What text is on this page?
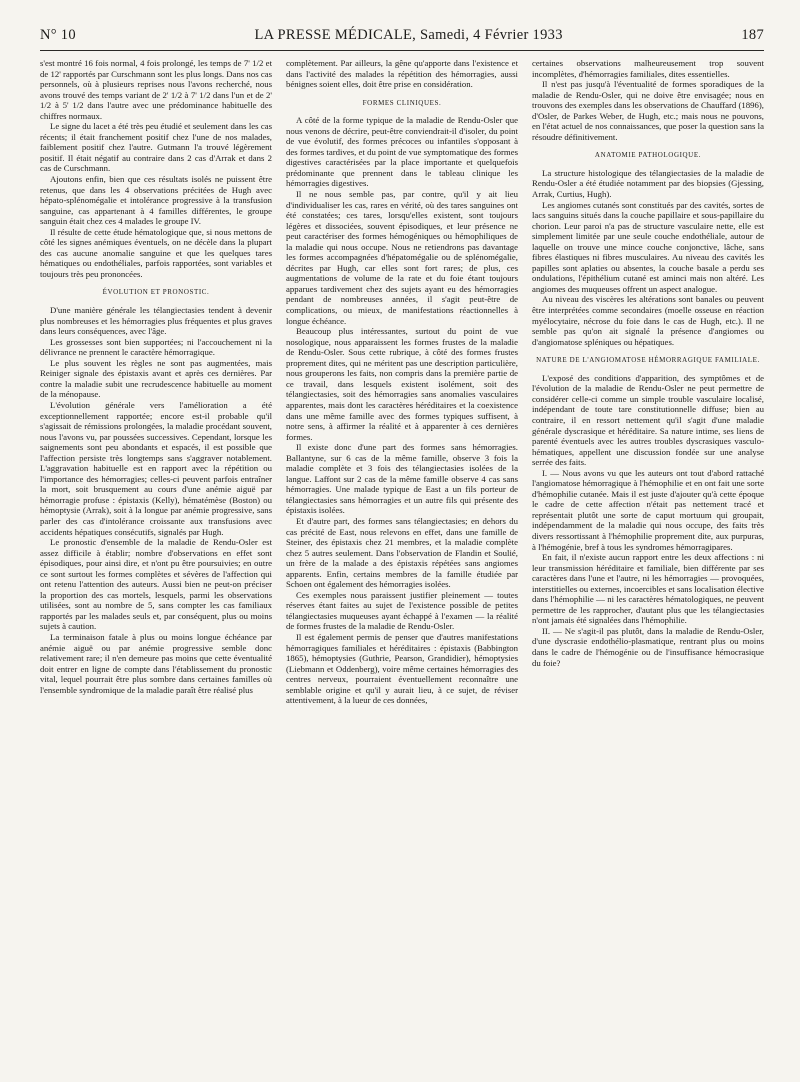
N° 10	LA PRESSE MÉDICALE, Samedi, 4 Février 1933	187

s'est montré 16 fois normal, 4 fois prolongé, les temps de 7' 1/2 et de 12' rapportés par Curschmann sont les plus longs. Dans nos cas personnels, où à plusieurs reprises nous l'avons recherché, nous avons trouvé des temps variant de 2' 1/2 à 7' 1/2 dans l'un et de 2' 1/2 à 5' 1/2 dans l'autre avec une prédominance habituelle des chiffres normaux.

Le signe du lacet a été très peu étudié et seulement dans les cas récents; il était franchement positif chez l'une de nos malades, faiblement positif chez l'autre. Gutmann l'a trouvé légèrement positif. Il était négatif au contraire dans 2 cas d'Arrak et dans 2 cas de Curschmann.

Ajoutons enfin, bien que ces résultats isolés ne puissent être retenus, que dans les 4 observations précitées de Hugh avec hépato-splénomégalie et intolérance progressive à la transfusion sanguine, cas appartenant à 4 familles différentes, le groupe sanguin était chez ces 4 malades le groupe IV.

Il résulte de cette étude hématologique que, si nous mettons de côté les signes anémiques éventuels, on ne décèle dans la plupart des cas aucune anomalie sanguine et que les quelques tares hématiques ou endothéliales, parfois rapportées, sont variables et toujours très peu prononcées.

ÉVOLUTION ET PRONOSTIC.

D'une manière générale les télangiectasies tendent à devenir plus nombreuses et les hémorragies plus fréquentes et plus graves dans leurs conséquences, avec l'âge.

Les grossesses sont bien supportées; ni l'accouchement ni la délivrance ne prennent le caractère hémorragique.

Le plus souvent les règles ne sont pas augmentées, mais Reiniger signale des épistaxis avant et après ces dernières. Par contre la maladie subit une recrudescence habituelle au moment de la ménopause.

L'évolution générale vers l'amélioration a été exceptionnellement rapportée; encore est-il probable qu'il s'agissait de rémissions prolongées, la maladie procédant souvent, nous l'avons vu, par poussées successives. Cependant, lorsque les saignements sont peu abondants et espacés, il est possible que l'affection persiste très longtemps sans s'aggraver notablement. L'aggravation habituelle est en rapport avec la répétition ou l'importance des hémorragies; celles-ci peuvent parfois entraîner la mort, soit brusquement au cours d'une anémie aiguë par hémorragie profuse : épistaxis (Kelly), hématémèse (Boston) ou hémoptysie (Arrak), soit à la longue par anémie progressive, sans parler des cas d'intolérance croissante aux transfusions avec accidents hépatiques consécutifs, signalés par Hugh.

Le pronostic d'ensemble de la maladie de Rendu-Osler est assez difficile à établir; nombre d'observations en effet sont épisodiques, pour ainsi dire, et n'ont pu être poursuivies; en outre ce sont surtout les formes complètes et sévères de l'affection qui ont retenu l'attention des auteurs. Aussi bien ne peut-on préciser la proportion des cas mortels, lesquels, parmi les observations utilisées, sont au nombre de 5, sans compter les cas familiaux rapportés par les malades seuls et, par conséquent, plus ou moins sujets à caution.

La terminaison fatale à plus ou moins longue échéance par anémie aiguë ou par anémie progressive semble donc relativement rare; il n'en demeure pas moins que cette éventualité doit entrer en ligne de compte dans l'établissement du pronostic vital, lequel pourrait être plus sombre dans certaines familles où l'ensemble syndromique de la maladie paraît être réalisé plus

complètement. Par ailleurs, la gêne qu'apporte dans l'existence et dans l'activité des malades la répétition des hémorragies, aussi bénignes soient elles, doit être prise en considération.

FORMES CLINIQUES.

A côté de la forme typique de la maladie de Rendu-Osler que nous venons de décrire, peut-être conviendrait-il d'isoler, du point de vue évolutif, des formes précoces ou infantiles s'opposant à des formes tardives, et du point de vue symptomatique des formes digestives caractérisées par la place importante et quelquefois prédominante que prennent dans le tableau clinique les hémorragies digestives.

Il ne nous semble pas, par contre, qu'il y ait lieu d'individualiser les cas, rares en vérité, où des tares sanguines ont été constatées; ces tares, lorsqu'elles existent, sont toujours légères et dissociées, souvent épisodiques, et leur présence ne peut caractériser des formes hémogéniques ou hémophiliques de la maladie qui nous occupe. Nous ne retiendrons pas davantage les formes accompagnées d'hépatomégalie ou de splénomégalie, décrites par Hugh, car elles sont fort rares; de plus, ces augmentations de volume de la rate et du foie étant toujours apparues tardivement chez des sujets ayant eu des hémorragies pendant de nombreuses années, il s'agit peut-être de complications, ou mieux, de manifestations réactionnelles à longue échéance.

Beaucoup plus intéressantes, surtout du point de vue nosologique, nous apparaissent les formes frustes de la maladie de Rendu-Osler. Sous cette rubrique, à côté des formes frustes proprement dites, qui ne méritent pas une description particulière, nous grouperons les faits, non compris dans la première partie de ce travail, dans lesquels existent isolément, soit des télangiectasies, soit des hémorragies sans anomalies vasculaires apparentes, mais dont les caractères héréditaires et la coexistence dans une même famille avec des formes typiques suffisent, à notre sens, à affirmer la réalité et à apparenter à ces dernières formes.

Il existe donc d'une part des formes sans hémorragies. Ballantyne, sur 6 cas de la même famille, observe 3 fois la maladie complète et 3 fois des télangiectasies isolées de la langue. Laffont sur 2 cas de la même famille observe 4 cas sans hémorragies. Une malade typique de East a un fils porteur de télangiectasies sans hémorragies et un autre fils qui présente des épistaxis isolées.

Et d'autre part, des formes sans télangiectasies; en dehors du cas précité de East, nous relevons en effet, dans une famille de Steiner, des épistaxis chez 21 membres, et la maladie complète chez 5 autres seulement. Dans l'observation de Flandin et Soulié, un frère de la malade a des épistaxis répétées sans angiomes apparents. Enfin, certains membres de la famille étudiée par Schoen ont également des hémorragies isolées.

Ces exemples nous paraissent justifier pleinement — toutes réserves étant faites au sujet de l'existence possible de petites télangiectasies muqueuses ayant échappé à l'examen — la réalité de formes frustes de la maladie de Rendu-Osler.

Il est également permis de penser que d'autres manifestations hémorragiques familiales et héréditaires : épistaxis (Babbington 1865), hémoptysies (Guthrie, Pearson, Grandidier), hémoptysies (Liebmann et Oddenberg), voire même certaines hémorragies des centres nerveux, pourraient éventuellement reconnaître une semblable origine et qu'il y aurait lieu, à ce sujet, de réviser attentivement, à la lueur de ces données,

certaines observations malheureusement trop souvent incomplètes, d'hémorragies familiales, dites essentielles.

Il n'est pas jusqu'à l'éventualité de formes sporadiques de la maladie de Rendu-Osler, qui ne doive être envisagée; nous en trouvons des exemples dans les observations de Chauffard (1896), d'Osler, de Parkes Weber, de Hugh, etc.; mais nous ne pouvons, en l'état actuel de nos connaissances, que poser la question sans la résoudre définitivement.

ANATOMIE PATHOLOGIQUE.

La structure histologique des télangiectasies de la maladie de Rendu-Osler a été étudiée notamment par des biopsies (Gjessing, Arrak, Curtius, Hugh).

Les angiomes cutanés sont constitués par des cavités, sortes de lacs sanguins situés dans la couche papillaire et sous-papillaire du chorion. Leur paroi n'a pas de structure vasculaire nette, elle est simplement limitée par une seule couche endothéliale, autour de laquelle on trouve une mince couche conjonctive, lâche, sans fibres élastiques ni fibres musculaires. Au niveau des cavités les papilles sont aplaties ou absentes, la couche basale a perdu ses ondulations, l'épithélium cutané est aminci mais non altéré. Les angiomes des muqueuses offrent un aspect analogue.

Au niveau des viscères les altérations sont banales ou peuvent être interprétées comme secondaires (moelle osseuse en réaction myélocytaire, nécrose du foie dans le cas de Hugh, etc.). Il ne semble pas qu'on ait signalé la présence d'angiomes ou d'angiomatose spléniques ou hépatiques.

NATURE DE L'ANGIOMATOSE HÉMORRAGIQUE FAMILIALE.

L'exposé des conditions d'apparition, des symptômes et de l'évolution de la maladie de Rendu-Osler ne peut permettre de considérer celle-ci comme un simple trouble vasculaire localisé, indépendant de toute tare constitutionnelle diffuse; bien au contraire, il en ressort nettement qu'il s'agit d'une maladie générale dyscrasique et héréditaire. Sa nature intime, ses liens de parenté éventuels avec les autres troubles dyscrasiques vasculo-hématiques, appellent une discussion fondée sur une analyse serrée des faits.

I. — Nous avons vu que les auteurs ont tout d'abord rattaché l'angiomatose hémorragique à l'hémophilie et en ont fait une sorte d'hémophilie cutanée. Mais il est juste d'ajouter qu'à cette époque le cadre de cette affection n'était pas nettement tracé et représentait plutôt une sorte de caput mortuum qui groupait, indépendamment de la maladie qui nous occupe, des faits très divers ressortissant à l'hémophilie proprement dite, aux purpuras, à l'hémogénie, bref à tous les syndromes hémorragipares.

En fait, il n'existe aucun rapport entre les deux affections : ni leur transmission héréditaire et familiale, bien différente par ses caractères dans l'une et l'autre, ni les hémorragies — provoquées, interstitielles ou externes, incoercibles et sans localisation élective dans l'hémophilie — ni les caractères hématologiques, ne peuvent permettre de les rapprocher, d'autant plus que les télangiectasies n'ont jamais été signalées dans l'hémophilie.

II. — Ne s'agit-il pas plutôt, dans la maladie de Rendu-Osler, d'une dyscrasie endothélio-plasmatique, rentrant plus ou moins dans le cadre de l'hémogénie ou de l'insuffisance hémocrasique du foie?
